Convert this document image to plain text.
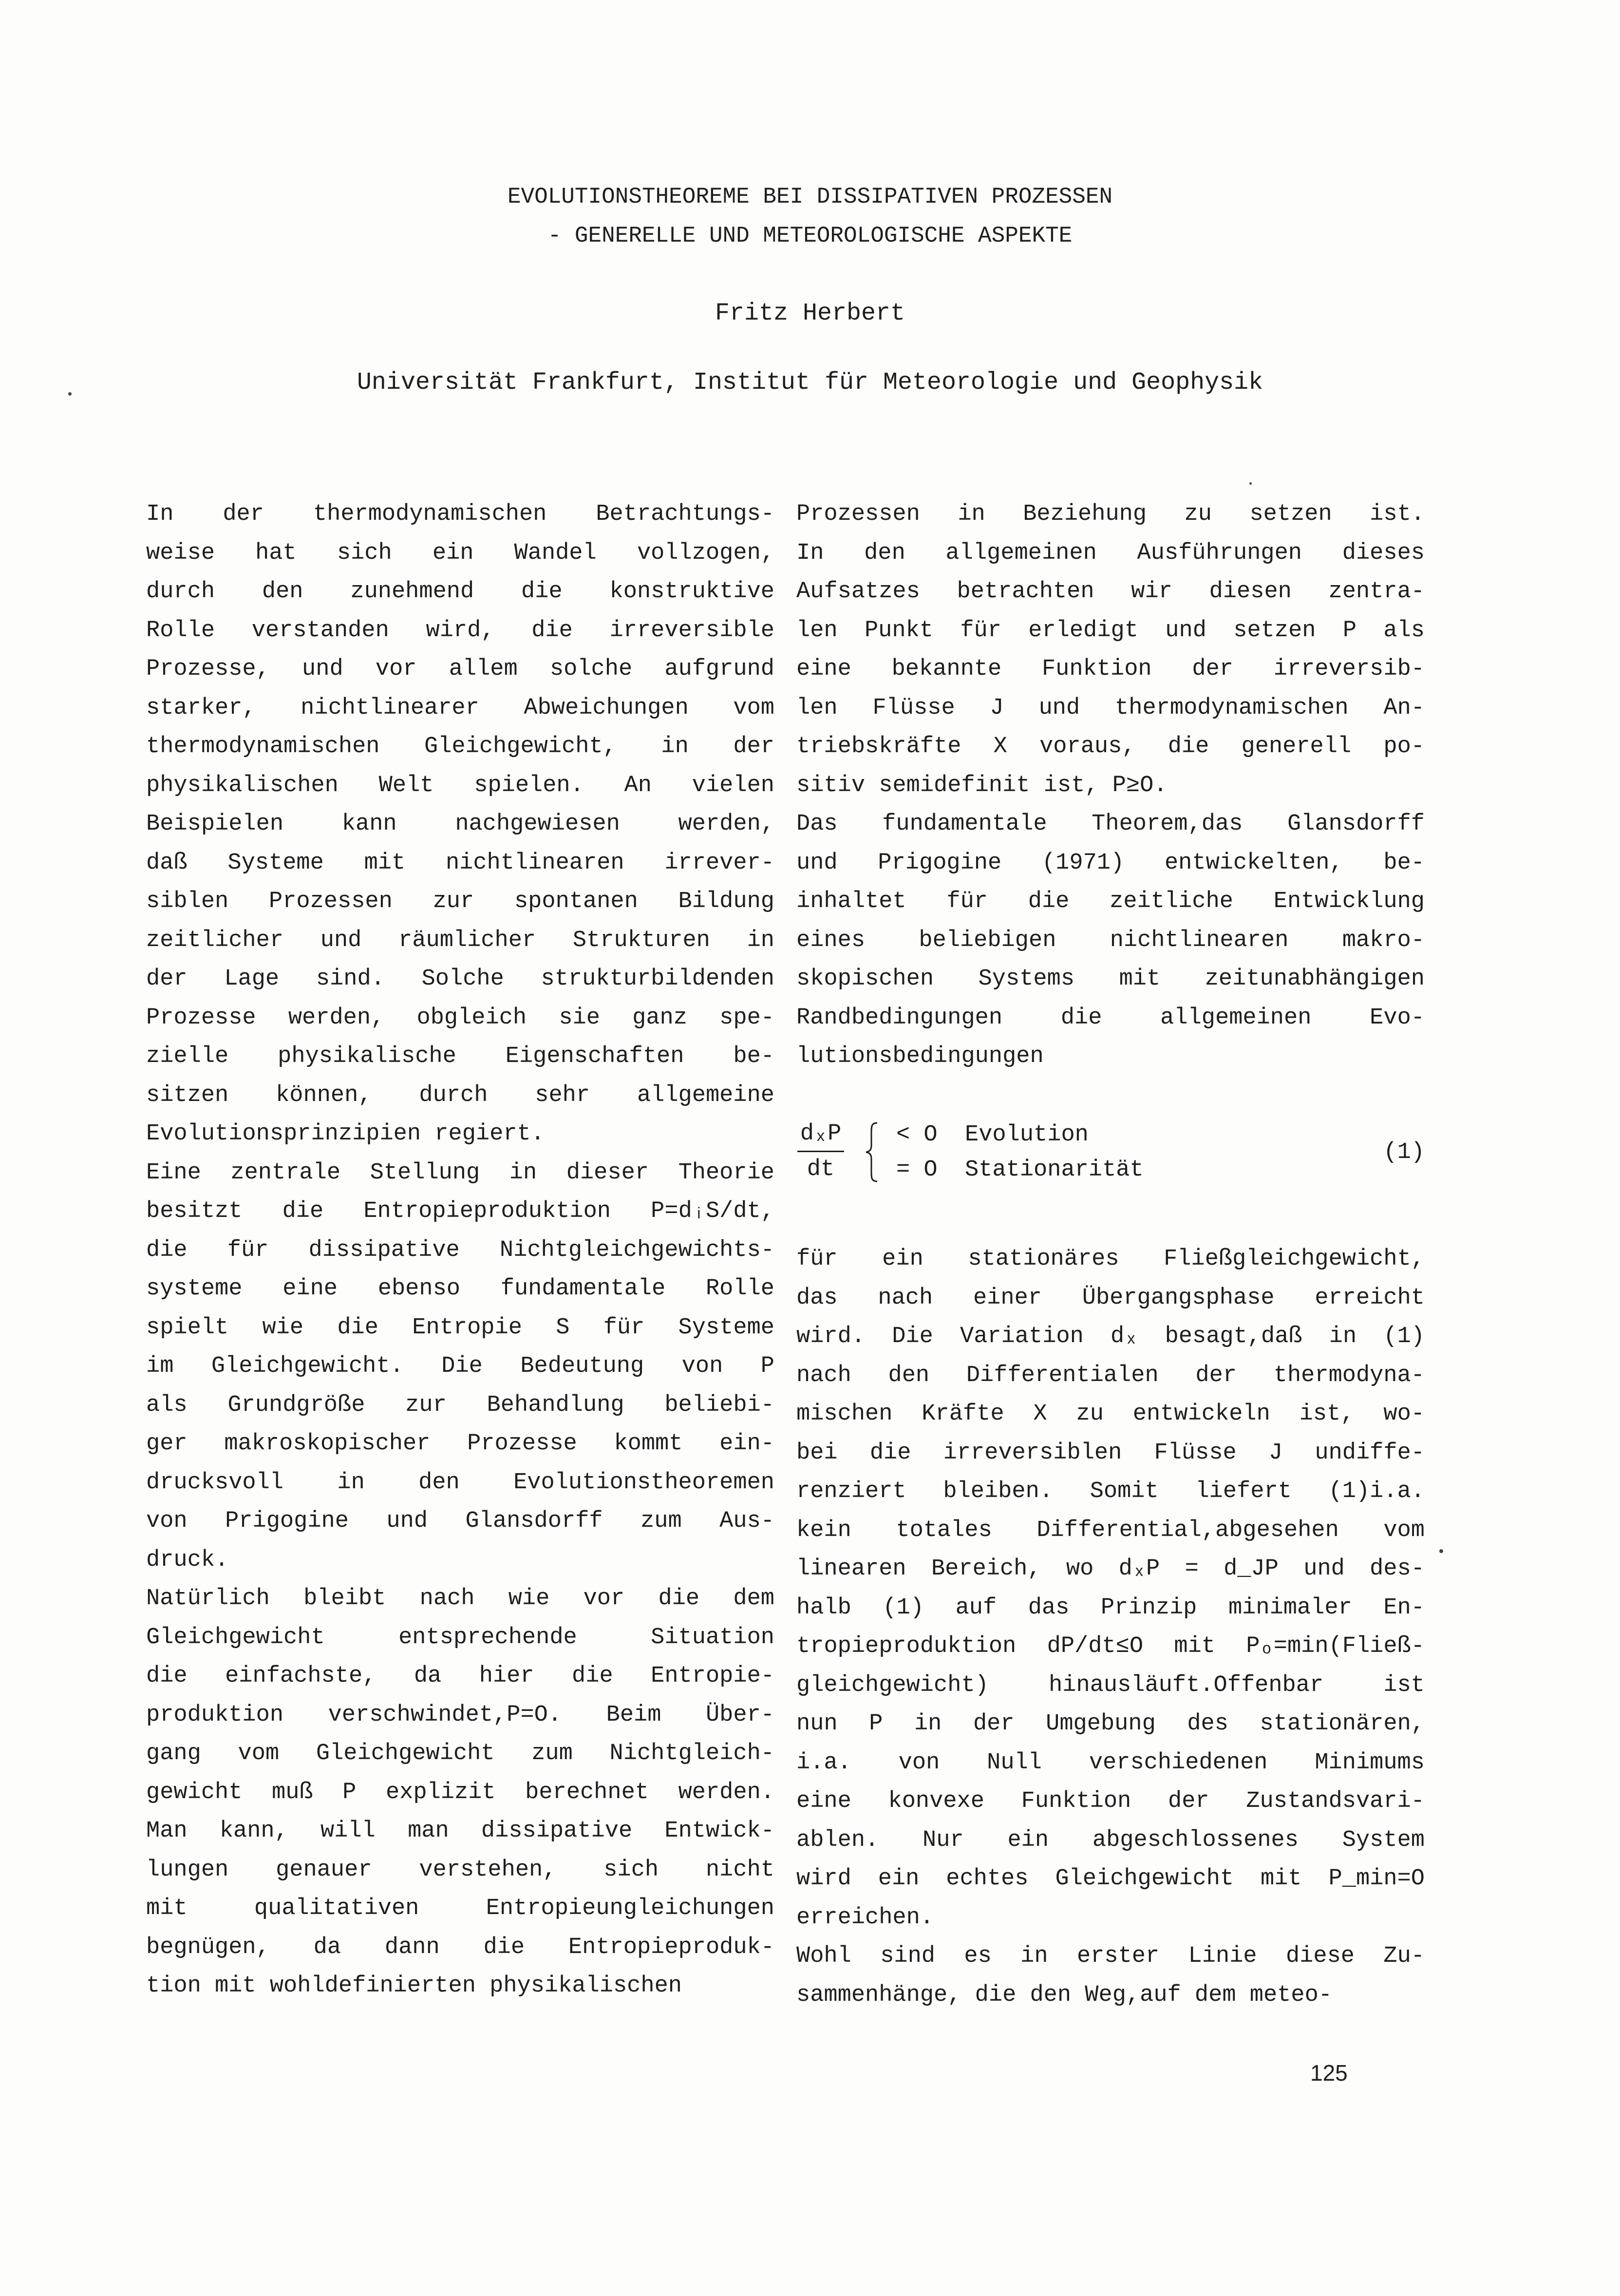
EVOLUTIONSTHEOREME BEI DISSIPATIVEN PROZESSEN
- GENERELLE UND METEOROLOGISCHE ASPEKTE
Fritz Herbert
Universität Frankfurt, Institut für Meteorologie und Geophysik
In der thermodynamischen Betrachtungs-
weise hat sich ein Wandel vollzogen,
durch den zunehmend die konstruktive
Rolle verstanden wird, die irreversible
Prozesse, und vor allem solche aufgrund
starker, nichtlinearer Abweichungen vom
thermodynamischen Gleichgewicht, in der
physikalischen Welt spielen. An vielen
Beispielen kann nachgewiesen werden,
daß Systeme mit nichtlinearen irrever-
siblen Prozessen zur spontanen Bildung
zeitlicher und räumlicher Strukturen in
der Lage sind. Solche strukturbildenden
Prozesse werden, obgleich sie ganz spe-
zielle physikalische Eigenschaften be-
sitzen können, durch sehr allgemeine
Evolutionsprinzipien regiert.
Eine zentrale Stellung in dieser Theorie
besitzt die Entropieproduktion P=dᵢS/dt,
die für dissipative Nichtgleichgewichts-
systeme eine ebenso fundamentale Rolle
spielt wie die Entropie S für Systeme
im Gleichgewicht. Die Bedeutung von P
als Grundgröße zur Behandlung beliebi-
ger makroskopischer Prozesse kommt ein-
drucksvoll in den Evolutionstheoremen
von Prigogine und Glansdorff zum Aus-
druck.
Natürlich bleibt nach wie vor die dem
Gleichgewicht entsprechende Situation
die einfachste, da hier die Entropie-
produktion verschwindet,P=O. Beim Über-
gang vom Gleichgewicht zum Nichtgleich-
gewicht muß P explizit berechnet werden.
Man kann, will man dissipative Entwick-
lungen genauer verstehen, sich nicht
mit qualitativen Entropieungleichungen
begnügen, da dann die Entropieproduk-
tion mit wohldefinierten physikalischen
Prozessen in Beziehung zu setzen ist.
In den allgemeinen Ausführungen dieses
Aufsatzes betrachten wir diesen zentra-
len Punkt für erledigt und setzen P als
eine bekannte Funktion der irreversib-
len Flüsse J und thermodynamischen An-
triebskräfte X voraus, die generell po-
sitiv semidefinit ist, P≥O.
Das fundamentale Theorem,das Glansdorff
und Prigogine (1971) entwickelten, be-
inhaltet für die zeitliche Entwicklung
eines beliebigen nichtlinearen makro-
skopischen Systems mit zeitunabhängigen
Randbedingungen die allgemeinen Evo-
lutionsbedingungen
dₓP
dt
< O  Evolution
= O  Stationarität
(1)
für ein stationäres Fließgleichgewicht,
das nach einer Übergangsphase erreicht
wird. Die Variation dₓ besagt,daß in (1)
nach den Differentialen der thermodyna-
mischen Kräfte X zu entwickeln ist, wo-
bei die irreversiblen Flüsse J undiffe-
renziert bleiben. Somit liefert (1)i.a.
kein totales Differential,abgesehen vom
linearen Bereich, wo dₓP = d_JP und des-
halb (1) auf das Prinzip minimaler En-
tropieproduktion dP/dt≤O mit Pₒ=min(Fließ-
gleichgewicht) hinausläuft.Offenbar ist
nun P in der Umgebung des stationären,
i.a. von Null verschiedenen Minimums
eine konvexe Funktion der Zustandsvari-
ablen. Nur ein abgeschlossenes System
wird ein echtes Gleichgewicht mit P_min=O
erreichen.
Wohl sind es in erster Linie diese Zu-
sammenhänge, die den Weg,auf dem meteo-
125
